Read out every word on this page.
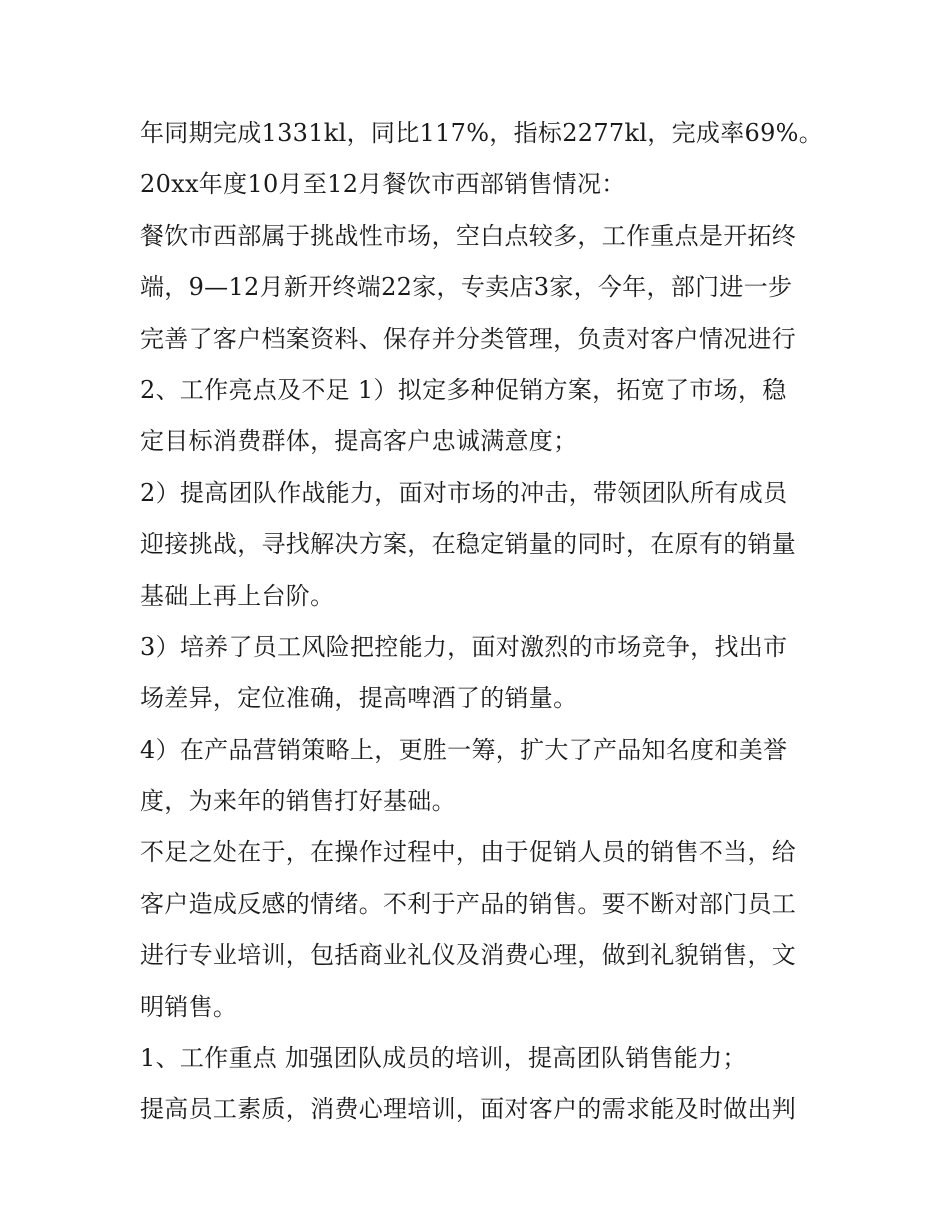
年同期完成1331kl，同比117%，指标2277kl，完成率69%。
20xx年度10月至12月餐饮市西部销售情况：
餐饮市西部属于挑战性市场，空白点较多，工作重点是开拓终
端，9—12月新开终端22家，专卖店3家，今年，部门进一步
完善了客户档案资料、保存并分类管理，负责对客户情况进行
2、工作亮点及不足 1）拟定多种促销方案，拓宽了市场，稳
定目标消费群体，提高客户忠诚满意度；
2）提高团队作战能力，面对市场的冲击，带领团队所有成员
迎接挑战，寻找解决方案，在稳定销量的同时，在原有的销量
基础上再上台阶。
3）培养了员工风险把控能力，面对激烈的市场竞争，找出市
场差异，定位准确，提高啤酒了的销量。
4）在产品营销策略上，更胜一筹，扩大了产品知名度和美誉
度，为来年的销售打好基础。
不足之处在于，在操作过程中，由于促销人员的销售不当，给
客户造成反感的情绪。不利于产品的销售。要不断对部门员工
进行专业培训，包括商业礼仪及消费心理，做到礼貌销售，文
明销售。
1、工作重点 加强团队成员的培训，提高团队销售能力；
提高员工素质，消费心理培训，面对客户的需求能及时做出判
